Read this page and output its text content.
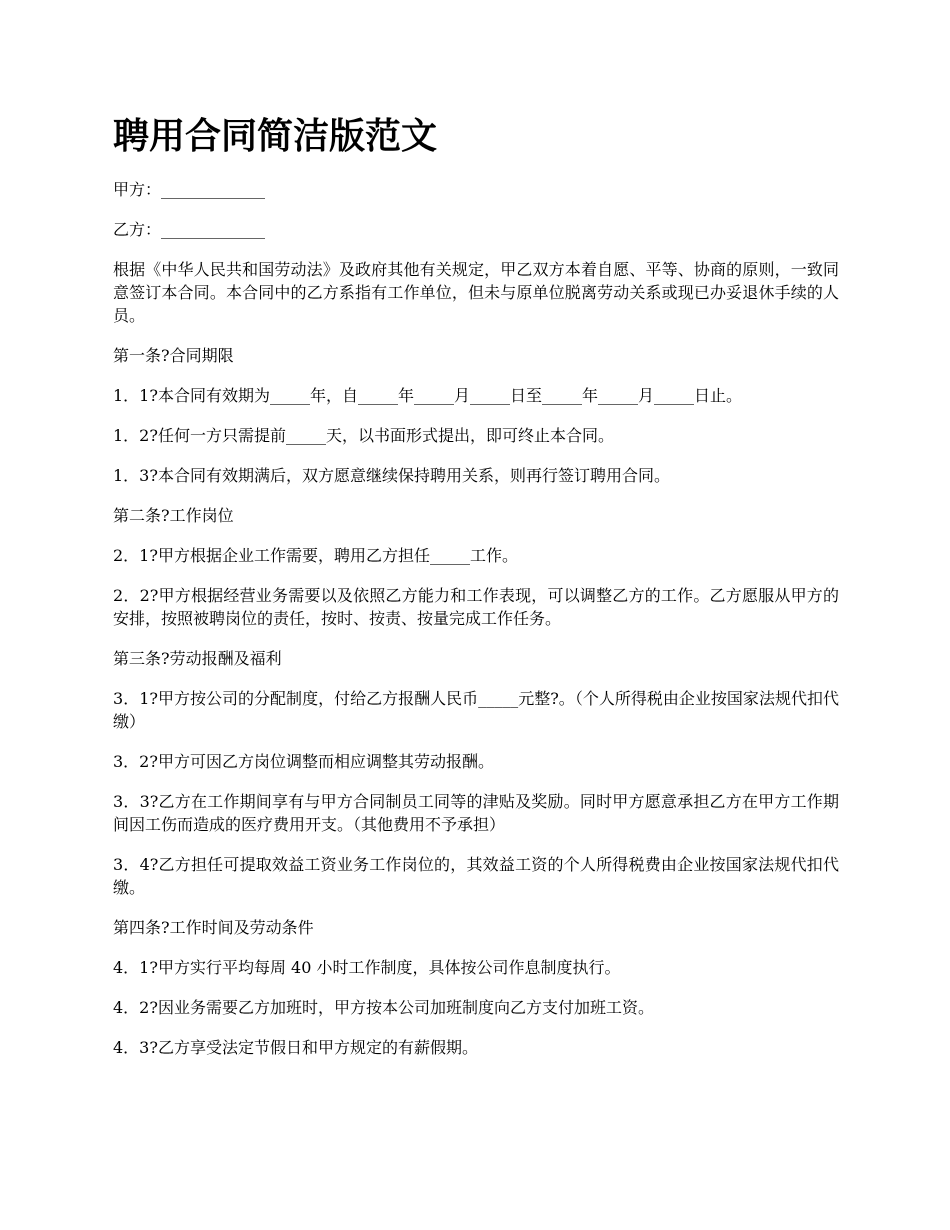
聘用合同简洁版范文

甲方：_____________

乙方：_____________

根据《中华人民共和国劳动法》及政府其他有关规定，甲乙双方本着自愿、平等、协商的原则，一致同意签订本合同。本合同中的乙方系指有工作单位，但未与原单位脱离劳动关系或现已办妥退休手续的人员。

第一条?合同期限

1．1?本合同有效期为_____年，自_____年_____月_____日至_____年_____月_____日止。

1．2?任何一方只需提前_____天，以书面形式提出，即可终止本合同。

1．3?本合同有效期满后，双方愿意继续保持聘用关系，则再行签订聘用合同。

第二条?工作岗位

2．1?甲方根据企业工作需要，聘用乙方担任_____工作。

2．2?甲方根据经营业务需要以及依照乙方能力和工作表现，可以调整乙方的工作。乙方愿服从甲方的安排，按照被聘岗位的责任，按时、按责、按量完成工作任务。

第三条?劳动报酬及福利

3．1?甲方按公司的分配制度，付给乙方报酬人民币_____元整?。（个人所得税由企业按国家法规代扣代缴）

3．2?甲方可因乙方岗位调整而相应调整其劳动报酬。

3．3?乙方在工作期间享有与甲方合同制员工同等的津贴及奖励。同时甲方愿意承担乙方在甲方工作期间因工伤而造成的医疗费用开支。（其他费用不予承担）

3．4?乙方担任可提取效益工资业务工作岗位的，其效益工资的个人所得税费由企业按国家法规代扣代缴。

第四条?工作时间及劳动条件

4．1?甲方实行平均每周 40 小时工作制度，具体按公司作息制度执行。

4．2?因业务需要乙方加班时，甲方按本公司加班制度向乙方支付加班工资。

4．3?乙方享受法定节假日和甲方规定的有薪假期。
